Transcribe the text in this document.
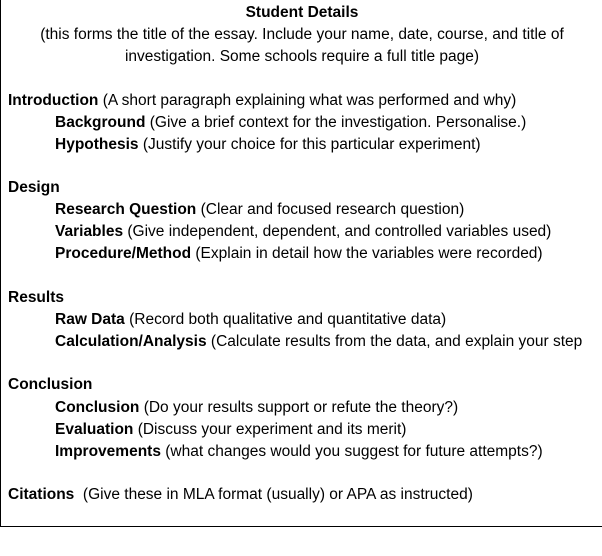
Student Details
(this forms the title of the essay. Include your name, date, course, and title of
investigation. Some schools require a full title page)
Introduction (A short paragraph explaining what was performed and why)
Background (Give a brief context for the investigation. Personalise.)
Hypothesis (Justify your choice for this particular experiment)
Design
Research Question (Clear and focused research question)
Variables (Give independent, dependent, and controlled variables used)
Procedure/Method (Explain in detail how the variables were recorded)
Results
Raw Data (Record both qualitative and quantitative data)
Calculation/Analysis (Calculate results from the data, and explain your step
Conclusion
Conclusion (Do your results support or refute the theory?)
Evaluation (Discuss your experiment and its merit)
Improvements (what changes would you suggest for future attempts?)
Citations  (Give these in MLA format (usually) or APA as instructed)
